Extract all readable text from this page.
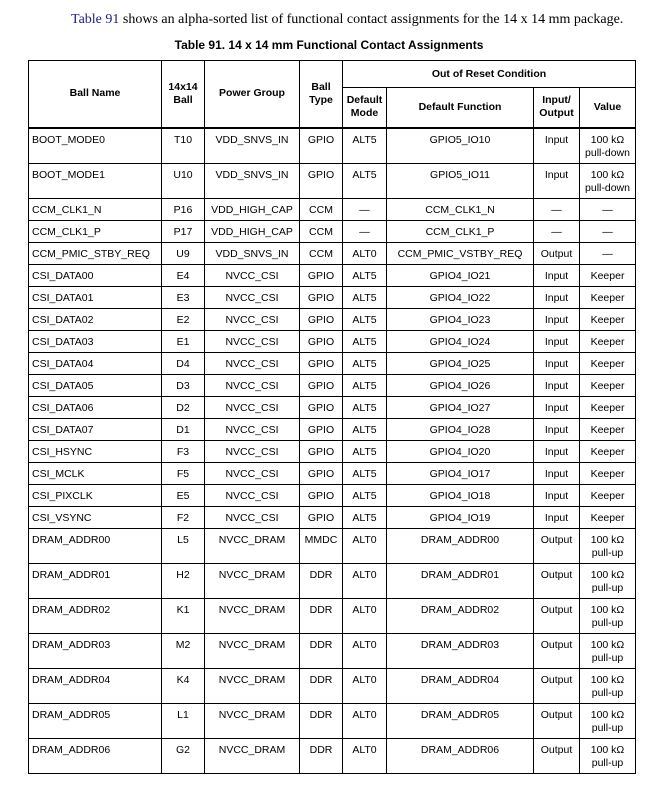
Table 91 shows an alpha-sorted list of functional contact assignments for the 14 x 14 mm package.
Table 91. 14 x 14 mm Functional Contact Assignments
Ball Name	14x14 Ball	Power Group	Ball Type	Out of Reset Condition			
				Default Mode	Default Function	Input/ Output	Value
BOOT_MODE0	T10	VDD_SNVS_IN	GPIO	ALT5	GPIO5_IO10	Input	100 kΩ pull-down
BOOT_MODE1	U10	VDD_SNVS_IN	GPIO	ALT5	GPIO5_IO11	Input	100 kΩ pull-down
CCM_CLK1_N	P16	VDD_HIGH_CAP	CCM	—	CCM_CLK1_N	—	—
CCM_CLK1_P	P17	VDD_HIGH_CAP	CCM	—	CCM_CLK1_P	—	—
CCM_PMIC_STBY_REQ	U9	VDD_SNVS_IN	CCM	ALT0	CCM_PMIC_VSTBY_REQ	Output	—
CSI_DATA00	E4	NVCC_CSI	GPIO	ALT5	GPIO4_IO21	Input	Keeper
CSI_DATA01	E3	NVCC_CSI	GPIO	ALT5	GPIO4_IO22	Input	Keeper
CSI_DATA02	E2	NVCC_CSI	GPIO	ALT5	GPIO4_IO23	Input	Keeper
CSI_DATA03	E1	NVCC_CSI	GPIO	ALT5	GPIO4_IO24	Input	Keeper
CSI_DATA04	D4	NVCC_CSI	GPIO	ALT5	GPIO4_IO25	Input	Keeper
CSI_DATA05	D3	NVCC_CSI	GPIO	ALT5	GPIO4_IO26	Input	Keeper
CSI_DATA06	D2	NVCC_CSI	GPIO	ALT5	GPIO4_IO27	Input	Keeper
CSI_DATA07	D1	NVCC_CSI	GPIO	ALT5	GPIO4_IO28	Input	Keeper
CSI_HSYNC	F3	NVCC_CSI	GPIO	ALT5	GPIO4_IO20	Input	Keeper
CSI_MCLK	F5	NVCC_CSI	GPIO	ALT5	GPIO4_IO17	Input	Keeper
CSI_PIXCLK	E5	NVCC_CSI	GPIO	ALT5	GPIO4_IO18	Input	Keeper
CSI_VSYNC	F2	NVCC_CSI	GPIO	ALT5	GPIO4_IO19	Input	Keeper
DRAM_ADDR00	L5	NVCC_DRAM	MMDC	ALT0	DRAM_ADDR00	Output	100 kΩ pull-up
DRAM_ADDR01	H2	NVCC_DRAM	DDR	ALT0	DRAM_ADDR01	Output	100 kΩ pull-up
DRAM_ADDR02	K1	NVCC_DRAM	DDR	ALT0	DRAM_ADDR02	Output	100 kΩ pull-up
DRAM_ADDR03	M2	NVCC_DRAM	DDR	ALT0	DRAM_ADDR03	Output	100 kΩ pull-up
DRAM_ADDR04	K4	NVCC_DRAM	DDR	ALT0	DRAM_ADDR04	Output	100 kΩ pull-up
DRAM_ADDR05	L1	NVCC_DRAM	DDR	ALT0	DRAM_ADDR05	Output	100 kΩ pull-up
DRAM_ADDR06	G2	NVCC_DRAM	DDR	ALT0	DRAM_ADDR06	Output	100 kΩ pull-up
